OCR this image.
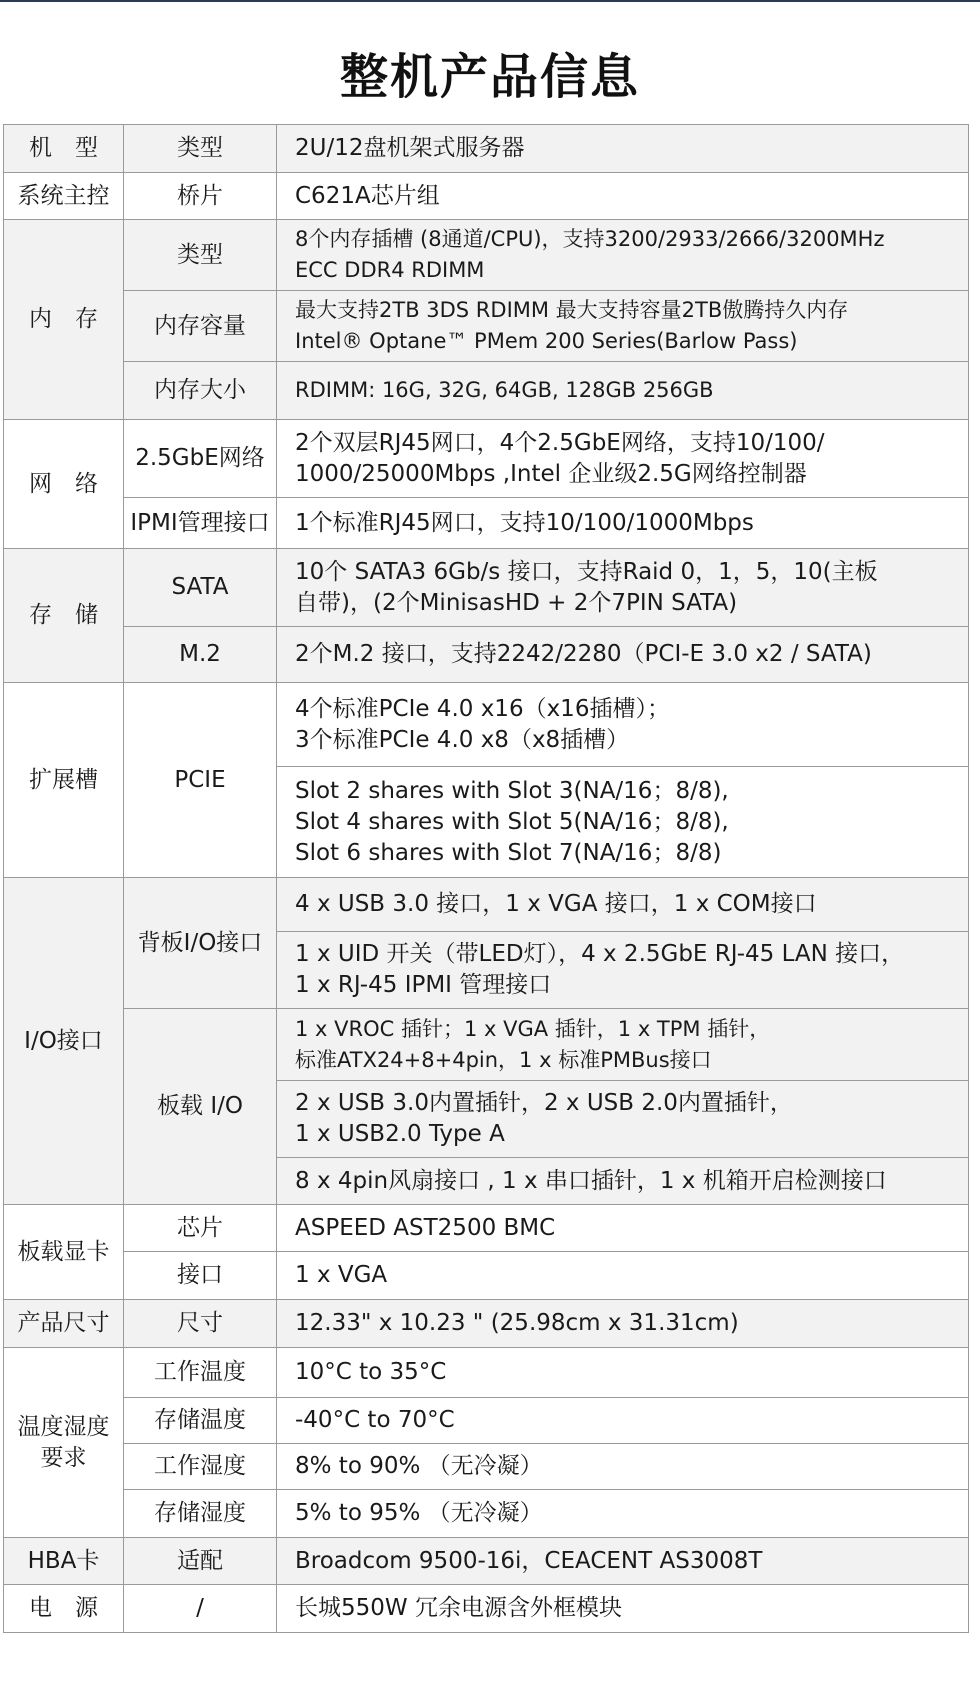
整机产品信息
机　型	类型	2U/12盘机架式服务器

系统主控	桥片	C621A芯片组

内　存	类型	8个内存插槽 (8通道/CPU)，支持3200/2933/2666/3200MHz
ECC DDR4 RDIMM

	内存容量	最大支持2TB 3DS RDIMM 最大支持容量2TB傲腾持久内存
Intel® Optane™ PMem 200 Series(Barlow Pass)

	内存大小	RDIMM: 16G, 32G, 64GB, 128GB 256GB

网　络	2.5GbE网络	2个双层RJ45网口，4个2.5GbE网络，支持10/100/
1000/25000Mbps ,Intel 企业级2.5G网络控制器

	IPMI管理接口	1个标准RJ45网口，支持10/100/1000Mbps

存　储	SATA	10个 SATA3 6Gb/s 接口，支持Raid 0，1，5，10(主板
自带)，(2个MinisasHD + 2个7PIN SATA)

	M.2	2个M.2 接口，支持2242/2280（PCI-E 3.0 x2 / SATA)

扩展槽	PCIE	4个标准PCIe 4.0 x16（x16插槽）；
3个标准PCIe 4.0 x8（x8插槽）

		Slot 2 shares with Slot 3(NA/16；8/8),
Slot 4 shares with Slot 5(NA/16；8/8),
Slot 6 shares with Slot 7(NA/16；8/8)

I/O接口	背板I/O接口	4 x USB 3.0 接口，1 x VGA 接口，1 x COM接口

		1 x UID 开关（带LED灯），4 x 2.5GbE RJ-45 LAN 接口，
1 x RJ-45 IPMI 管理接口

	板载 I/O	1 x VROC 插针；1 x VGA 插针，1 x TPM 插针，
标准ATX24+8+4pin，1 x 标准PMBus接口

		2 x USB 3.0内置插针，2 x USB 2.0内置插针，
1 x USB2.0 Type A

		8 x 4pin风扇接口 , 1 x 串口插针，1 x 机箱开启检测接口

板载显卡	芯片	ASPEED AST2500 BMC

	接口	1 x VGA

产品尺寸	尺寸	12.33" x 10.23 " (25.98cm x 31.31cm)

温度湿度
要求	工作温度	10°C to 35°C

	存储温度	-40°C to 70°C

	工作湿度	8% to 90% （无冷凝）

	存储湿度	5% to 95% （无冷凝）

HBA卡	适配	Broadcom 9500-16i，CEACENT AS3008T

电　源	/	长城550W 冗余电源含外框模块
